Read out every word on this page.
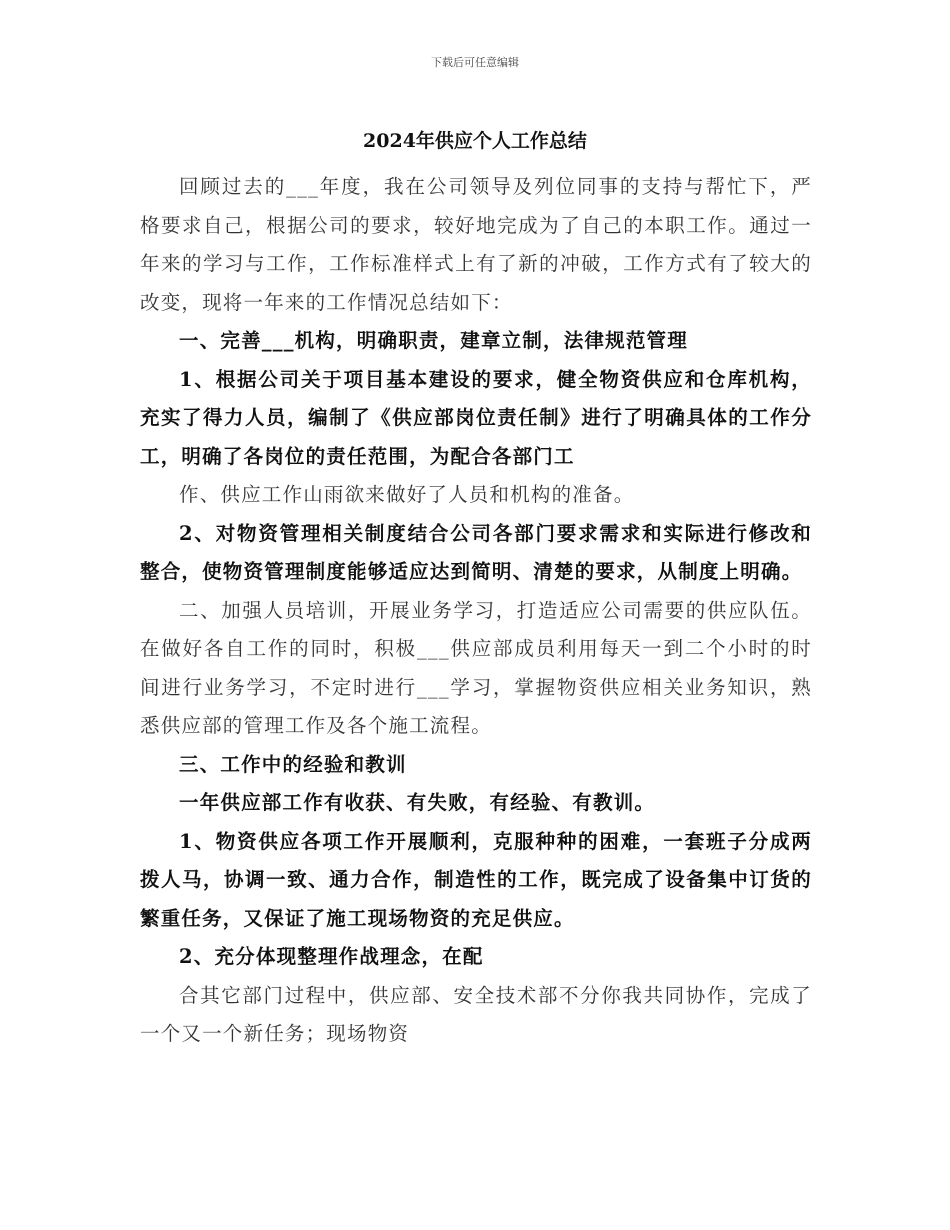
下载后可任意编辑
2024年供应个人工作总结

回顾过去的___年度，我在公司领导及列位同事的支持与帮忙下，严格要求自己，根据公司的要求，较好地完成为了自己的本职工作。通过一年来的学习与工作，工作标准样式上有了新的冲破，工作方式有了较大的改变，现将一年来的工作情况总结如下：

一、完善___机构，明确职责，建章立制，法律规范管理

1、根据公司关于项目基本建设的要求，健全物资供应和仓库机构，充实了得力人员，编制了《供应部岗位责任制》进行了明确具体的工作分工，明确了各岗位的责任范围，为配合各部门工

作、供应工作山雨欲来做好了人员和机构的准备。

2、对物资管理相关制度结合公司各部门要求需求和实际进行修改和整合，使物资管理制度能够适应达到简明、清楚的要求，从制度上明确。

二、加强人员培训，开展业务学习，打造适应公司需要的供应队伍。在做好各自工作的同时，积极___供应部成员利用每天一到二个小时的时间进行业务学习，不定时进行___学习，掌握物资供应相关业务知识，熟悉供应部的管理工作及各个施工流程。

三、工作中的经验和教训

一年供应部工作有收获、有失败，有经验、有教训。

1、物资供应各项工作开展顺利，克服种种的困难，一套班子分成两拨人马，协调一致、通力合作，制造性的工作，既完成了设备集中订货的繁重任务，又保证了施工现场物资的充足供应。

2、充分体现整理作战理念，在配

合其它部门过程中，供应部、安全技术部不分你我共同协作，完成了一个又一个新任务；现场物资
